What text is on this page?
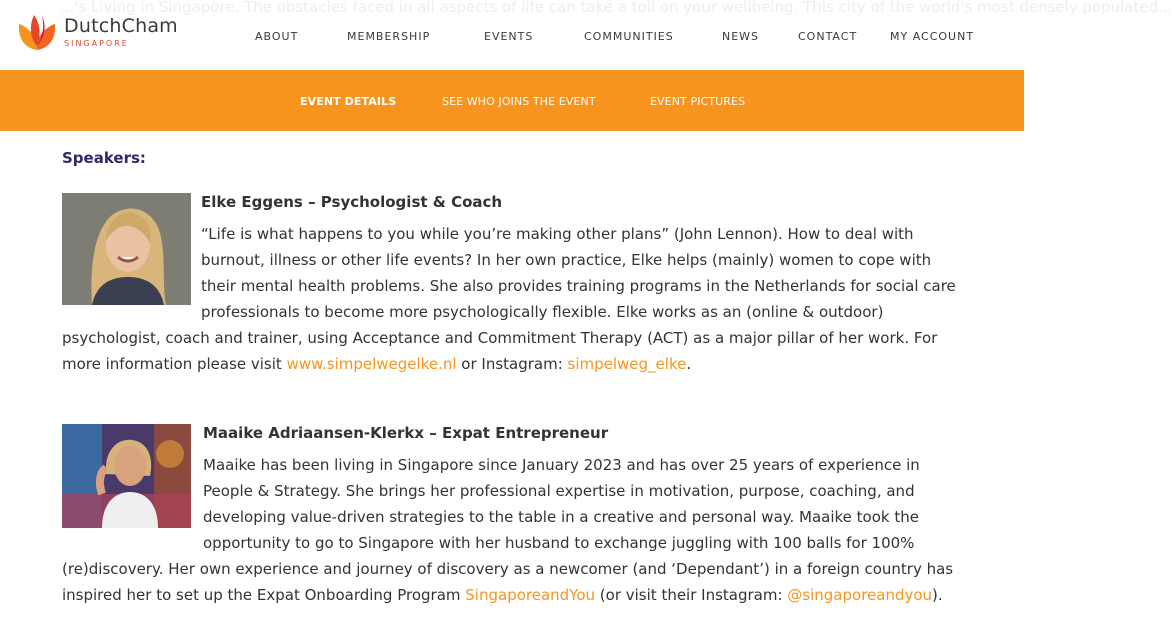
...'s Living in Singapore. The obstacles faced in all aspects of life can take a toll on your wellbeing. This city of the world's most densely populated...
DutchCham
SINGAPORE
ABOUT	MEMBERSHIP	EVENTS	COMMUNITIES	NEWS	CONTACT	MY ACCOUNT
EVENT DETAILS	SEE WHO JOINS THE EVENT	EVENT PICTURES
Speakers:
Elke Eggens – Psychologist & Coach
“Life is what happens to you while you’re making other plans” (John Lennon). How to deal with
burnout, illness or other life events? In her own practice, Elke helps (mainly) women to cope with
their mental health problems. She also provides training programs in the Netherlands for social care
professionals to become more psychologically flexible. Elke works as an (online & outdoor)
psychologist, coach and trainer, using Acceptance and Commitment Therapy (ACT) as a major pillar of her work. For
more information please visit www.simpelwegelke.nl or Instagram: simpelweg_elke.
Maaike Adriaansen-Klerkx – Expat Entrepreneur
Maaike has been living in Singapore since January 2023 and has over 25 years of experience in
People & Strategy. She brings her professional expertise in motivation, purpose, coaching, and
developing value-driven strategies to the table in a creative and personal way. Maaike took the
opportunity to go to Singapore with her husband to exchange juggling with 100 balls for 100%
(re)discovery. Her own experience and journey of discovery as a newcomer (and ‘Dependant’) in a foreign country has
inspired her to set up the Expat Onboarding Program SingaporeandYou (or visit their Instagram: @singaporeandyou).
